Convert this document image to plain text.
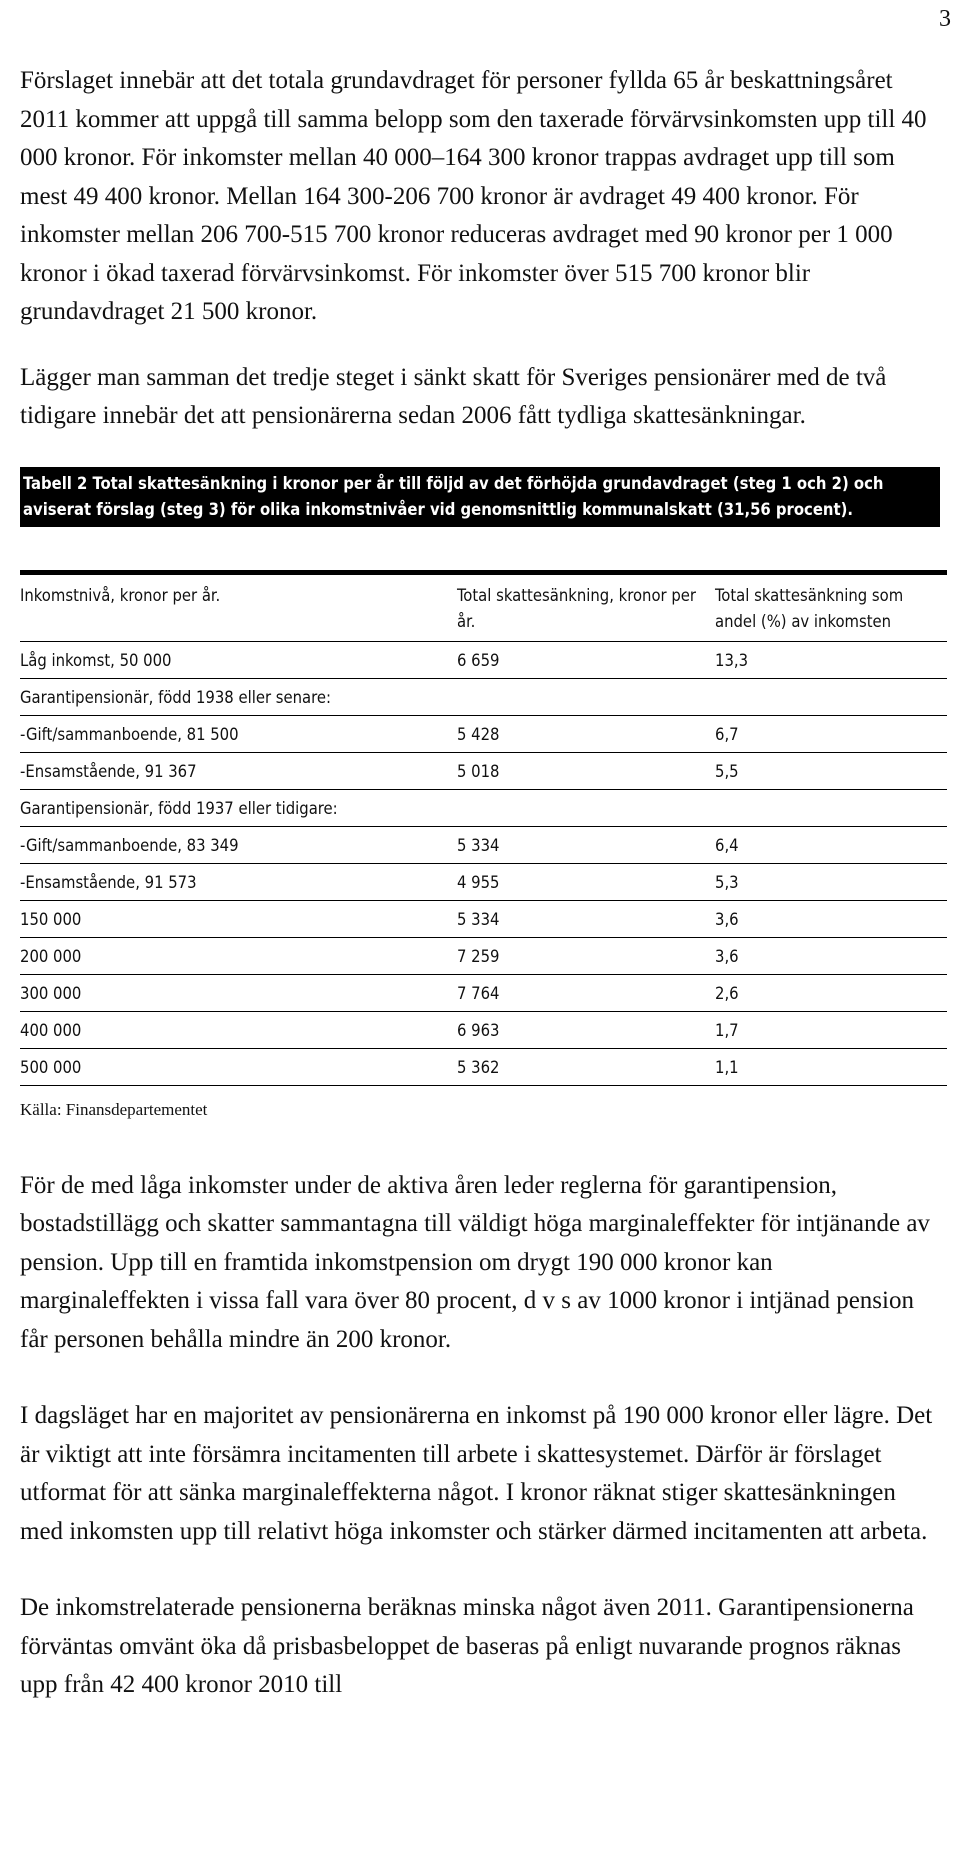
3

Förslaget innebär att det totala grundavdraget för personer fyllda 65 år beskattningsåret 2011 kommer att uppgå till samma belopp som den taxerade förvärvsinkomsten upp till 40 000 kronor. För inkomster mellan 40 000–164 300 kronor trappas avdraget upp till som mest 49 400 kronor. Mellan 164 300-206 700 kronor är avdraget 49 400 kronor. För inkomster mellan 206 700-515 700 kronor reduceras avdraget med 90 kronor per 1 000 kronor i ökad taxerad förvärvsinkomst. För inkomster över 515 700 kronor blir grundavdraget 21 500 kronor.

Lägger man samman det tredje steget i sänkt skatt för Sveriges pensionärer med de två tidigare innebär det att pensionärerna sedan 2006 fått tydliga skattesänkningar.

Tabell 2 Total skattesänkning i kronor per år till följd av det förhöjda grundavdraget (steg 1 och 2) och aviserat förslag (steg 3) för olika inkomstnivåer vid genomsnittlig kommunalskatt (31,56 procent).
Inkomstnivå, kronor per år.	Total skattesänkning, kronor per år.	Total skattesänkning som andel (%) av inkomsten
Låg inkomst, 50 000	6 659	13,3
Garantipensionär, född 1938 eller senare:		
-Gift/sammanboende, 81 500	5 428	6,7
-Ensamstående, 91 367	5 018	5,5
Garantipensionär, född 1937 eller tidigare:		
-Gift/sammanboende, 83 349	5 334	6,4
-Ensamstående, 91 573	4 955	5,3
150 000	5 334	3,6
200 000	7 259	3,6
300 000	7 764	2,6
400 000	6 963	1,7
500 000	5 362	1,1
Källa: Finansdepartementet

För de med låga inkomster under de aktiva åren leder reglerna för garantipension, bostadstillägg och skatter sammantagna till väldigt höga marginaleffekter för intjänande av pension. Upp till en framtida inkomstpension om drygt 190 000 kronor kan marginaleffekten i vissa fall vara över 80 procent, d v s av 1000 kronor i intjänad pension får personen behålla mindre än 200 kronor.

I dagsläget har en majoritet av pensionärerna en inkomst på 190 000 kronor eller lägre. Det är viktigt att inte försämra incitamenten till arbete i skattesystemet. Därför är förslaget utformat för att sänka marginaleffekterna något. I kronor räknat stiger skattesänkningen med inkomsten upp till relativt höga inkomster och stärker därmed incitamenten att arbeta.

De inkomstrelaterade pensionerna beräknas minska något även 2011. Garantipensionerna förväntas omvänt öka då prisbasbeloppet de baseras på enligt nuvarande prognos räknas upp från 42 400 kronor 2010 till
